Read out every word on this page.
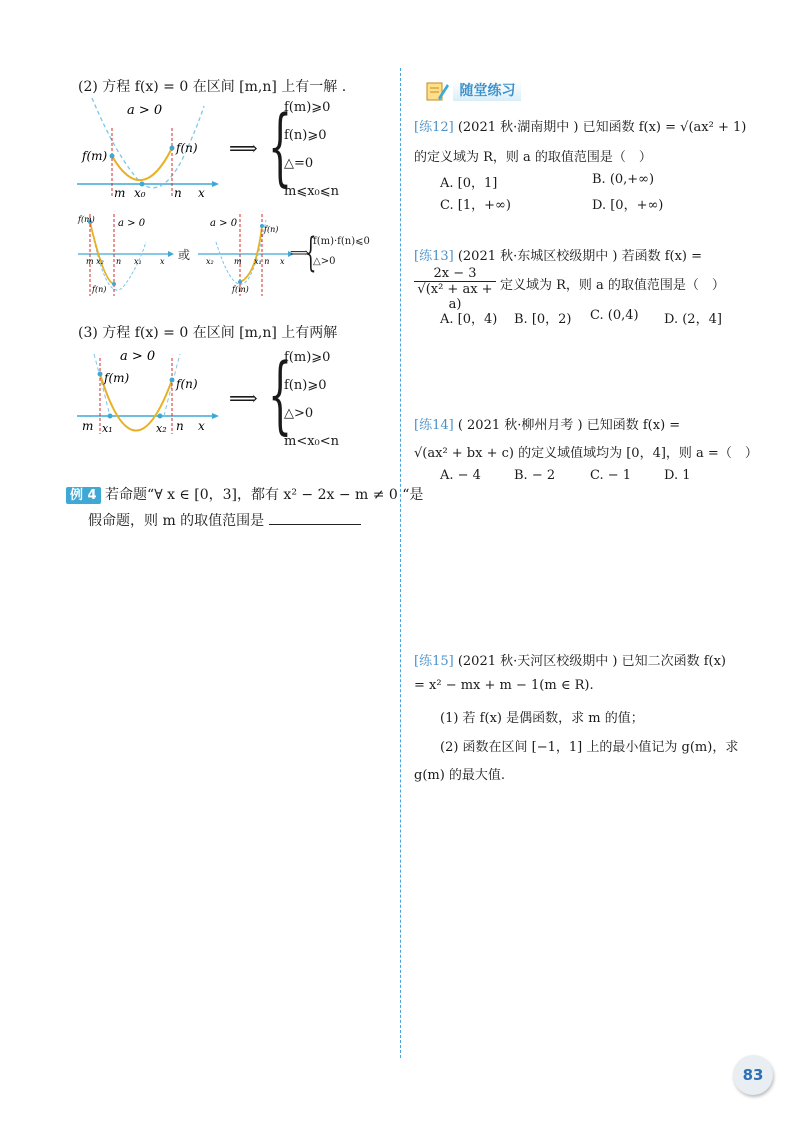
(2) 方程 f(x) = 0 在区间 [m,n] 上有一解 .
a > 0
f(m)
f(n)
m x₀ n x
⟹ {
f(m)⩾0
f(n)⩾0
△=0
m⩽x₀⩽n
f(m) a > 0
m x₂ n x₁ x
f(n)
或
a > 0
f(n)
x₂	m x₁ n x
f(m)
⟹
{
f(m)·f(n)⩽0
△>0
(3) 方程 f(x) = 0 在区间 [m,n] 上有两解
a > 0
f(m)	f(n)
m x₁	x₂ n x
⟹ {
f(m)⩾0
f(n)⩾0
△>0
m<x₀<n
例 4 若命题“∀ x ∈ [0，3]，都有 x² − 2x − m ≠ 0 “是
假命题，则 m 的取值范围是
随堂练习
[练12] (2021 秋·湖南期中 ) 已知函数 f(x) = √(ax² + 1)
的定义域为 R，则 a 的取值范围是（　）
A. [0，1]	B. (0,+∞)
C. [1，+∞)	D. [0，+∞)
[练13] (2021 秋·东城区校级期中 ) 若函数 f(x) =
$\frac{2x - 3}{\text{√(x² + ax + a)}}$ 定义域为 R，则 a 的取值范围是（　）
A. [0，4) B. [0，2) C. (0,4) D. (2，4]
[练14] ( 2021 秋·柳州月考 ) 已知函数 f(x) =
√(ax² + bx + c) 的定义域值域均为 [0，4]，则 a =（　）
A. − 4	B. − 2	C. − 1	D. 1
[练15] (2021 秋·天河区校级期中 ) 已知二次函数 f(x)
= x² − mx + m − 1(m ∈ R).
(1) 若 f(x) 是偶函数，求 m 的值；
(2) 函数在区间 [−1，1] 上的最小值记为 g(m)，求
g(m) 的最大值.
83
